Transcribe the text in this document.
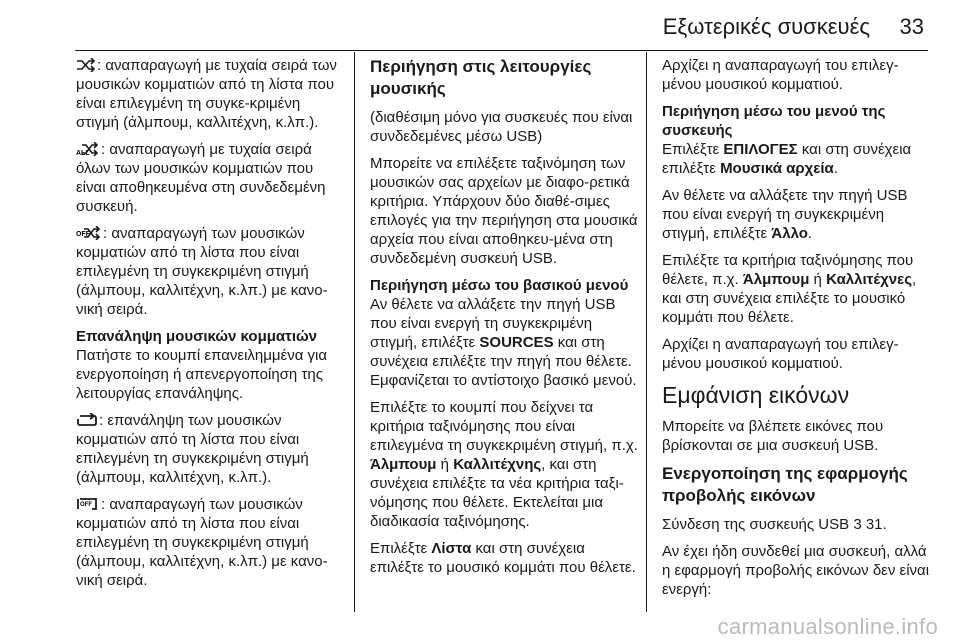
Εξωτερικές συσκευές 33

: αναπαραγωγή με τυχαία σειρά των μουσικών κομματιών από τη λίστα που είναι επιλεγμένη τη συγκε-κριμένη στιγμή (άλμπουμ, καλλιτέχνη, κ.λπ.).

ALL : αναπαραγωγή με τυχαία σειρά όλων των μουσικών κομματιών που είναι αποθηκευμένα στη συνδεδεμένη συσκευή.

OFF : αναπαραγωγή των μουσικών κομματιών από τη λίστα που είναι επιλεγμένη τη συγκεκριμένη στιγμή (άλμπουμ, καλλιτέχνη, κ.λπ.) με κανο-νική σειρά.

Επανάληψη μουσικών κομματιών

Πατήστε το κουμπί επανειλημμένα για ενεργοποίηση ή απενεργοποίηση της λειτουργίας επανάληψης.

: επανάληψη των μουσικών κομματιών από τη λίστα που είναι επιλεγμένη τη συγκεκριμένη στιγμή (άλμπουμ, καλλιτέχνη, κ.λπ.).

OFF : αναπαραγωγή των μουσικών κομματιών από τη λίστα που είναι επιλεγμένη τη συγκεκριμένη στιγμή (άλμπουμ, καλλιτέχνη, κ.λπ.) με κανο-νική σειρά.

Περιήγηση στις λειτουργίες μουσικής

(διαθέσιμη μόνο για συσκευές που είναι συνδεδεμένες μέσω USB)

Μπορείτε να επιλέξετε ταξινόμηση των μουσικών σας αρχείων με διαφο-ρετικά κριτήρια. Υπάρχουν δύο διαθέ-σιμες επιλογές για την περιήγηση στα μουσικά αρχεία που είναι αποθηκευ-μένα στη συνδεδεμένη συσκευή USB.

Περιήγηση μέσω του βασικού μενού

Αν θέλετε να αλλάξετε την πηγή USB που είναι ενεργή τη συγκεκριμένη στιγμή, επιλέξτε SOURCES και στη συνέχεια επιλέξτε την πηγή που θέλετε. Εμφανίζεται το αντίστοιχο βασικό μενού.

Επιλέξτε το κουμπί που δείχνει τα κριτήρια ταξινόμησης που είναι επιλεγμένα τη συγκεκριμένη στιγμή, π.χ. Άλμπουμ ή Καλλιτέχνης, και στη συνέχεια επιλέξτε τα νέα κριτήρια ταξι-νόμησης που θέλετε. Εκτελείται μια διαδικασία ταξινόμησης.

Επιλέξτε Λίστα και στη συνέχεια επιλέξτε το μουσικό κομμάτι που θέλετε.

Αρχίζει η αναπαραγωγή του επιλεγ-μένου μουσικού κομματιού.

Περιήγηση μέσω του μενού της συσκευής

Επιλέξτε ΕΠΙΛΟΓΕΣ και στη συνέχεια επιλέξτε Μουσικά αρχεία.

Αν θέλετε να αλλάξετε την πηγή USB που είναι ενεργή τη συγκεκριμένη στιγμή, επιλέξτε Άλλο.

Επιλέξτε τα κριτήρια ταξινόμησης που θέλετε, π.χ. Άλμπουμ ή Καλλιτέχνες, και στη συνέχεια επιλέξτε το μουσικό κομμάτι που θέλετε.

Αρχίζει η αναπαραγωγή του επιλεγ-μένου μουσικού κομματιού.

Εμφάνιση εικόνων

Μπορείτε να βλέπετε εικόνες που βρίσκονται σε μια συσκευή USB.

Ενεργοποίηση της εφαρμογής προβολής εικόνων

Σύνδεση της συσκευής USB 3 31.

Αν έχει ήδη συνδεθεί μια συσκευή, αλλά η εφαρμογή προβολής εικόνων δεν είναι ενεργή:

carmanualsonline.info
